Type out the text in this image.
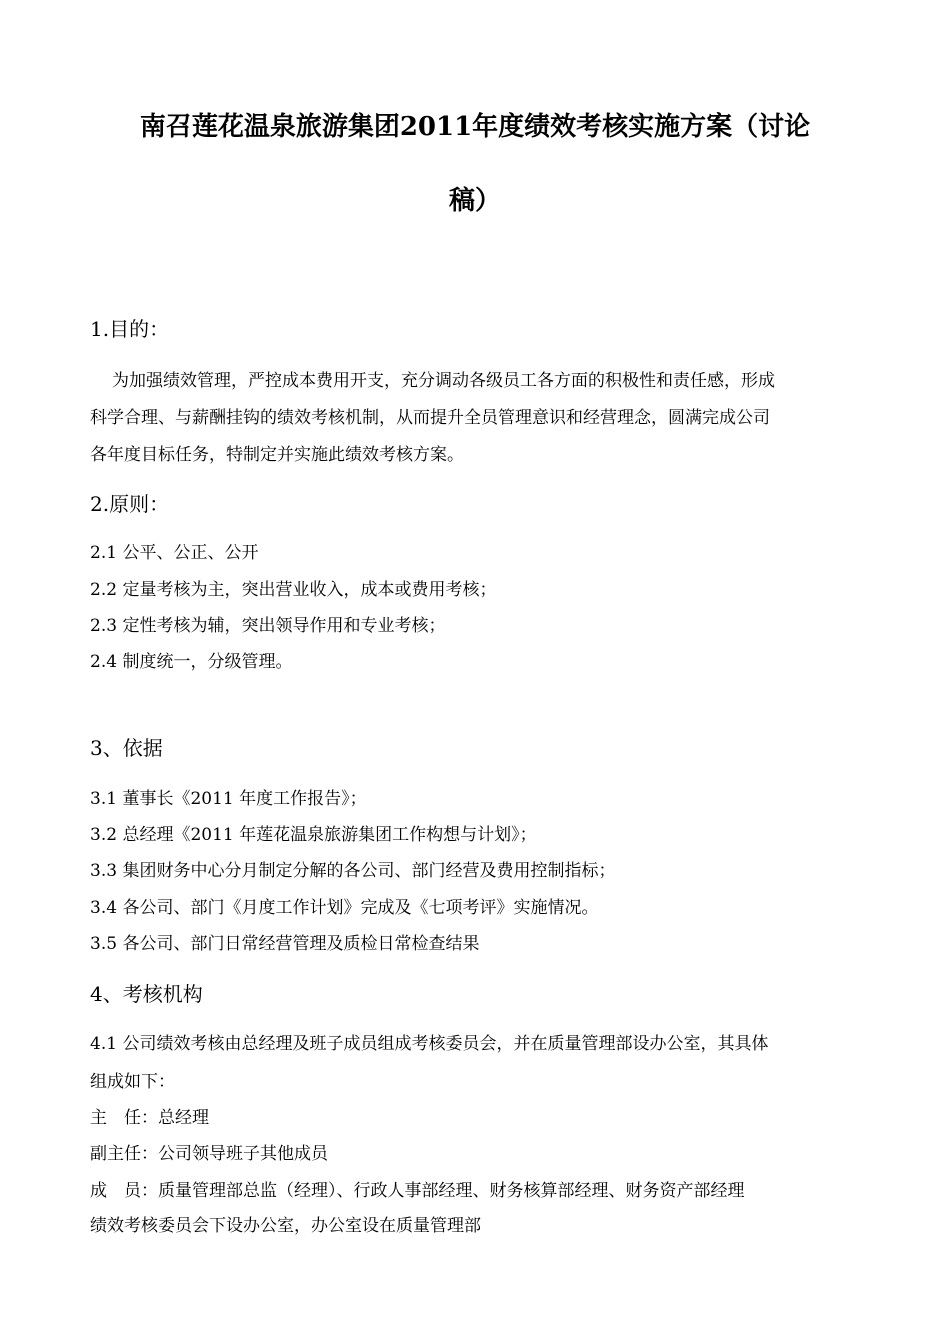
南召莲花温泉旅游集团2011年度绩效考核实施方案（讨论
稿）
1.目的：
为加强绩效管理，严控成本费用开支，充分调动各级员工各方面的积极性和责任感，形成
科学合理、与薪酬挂钩的绩效考核机制，从而提升全员管理意识和经营理念，圆满完成公司
各年度目标任务，特制定并实施此绩效考核方案。
2.原则：
2.1 公平、公正、公开
2.2 定量考核为主，突出营业收入，成本或费用考核；
2.3 定性考核为辅，突出领导作用和专业考核；
2.4 制度统一，分级管理。
3、依据
3.1 董事长《2011 年度工作报告》；
3.2 总经理《2011 年莲花温泉旅游集团工作构想与计划》；
3.3 集团财务中心分月制定分解的各公司、部门经营及费用控制指标；
3.4 各公司、部门《月度工作计划》完成及《七项考评》实施情况。
3.5 各公司、部门日常经营管理及质检日常检查结果
4、考核机构
4.1 公司绩效考核由总经理及班子成员组成考核委员会，并在质量管理部设办公室，其具体
组成如下：
主　任：总经理
副主任：公司领导班子其他成员
成　员：质量管理部总监（经理）、行政人事部经理、财务核算部经理、财务资产部经理
绩效考核委员会下设办公室，办公室设在质量管理部
